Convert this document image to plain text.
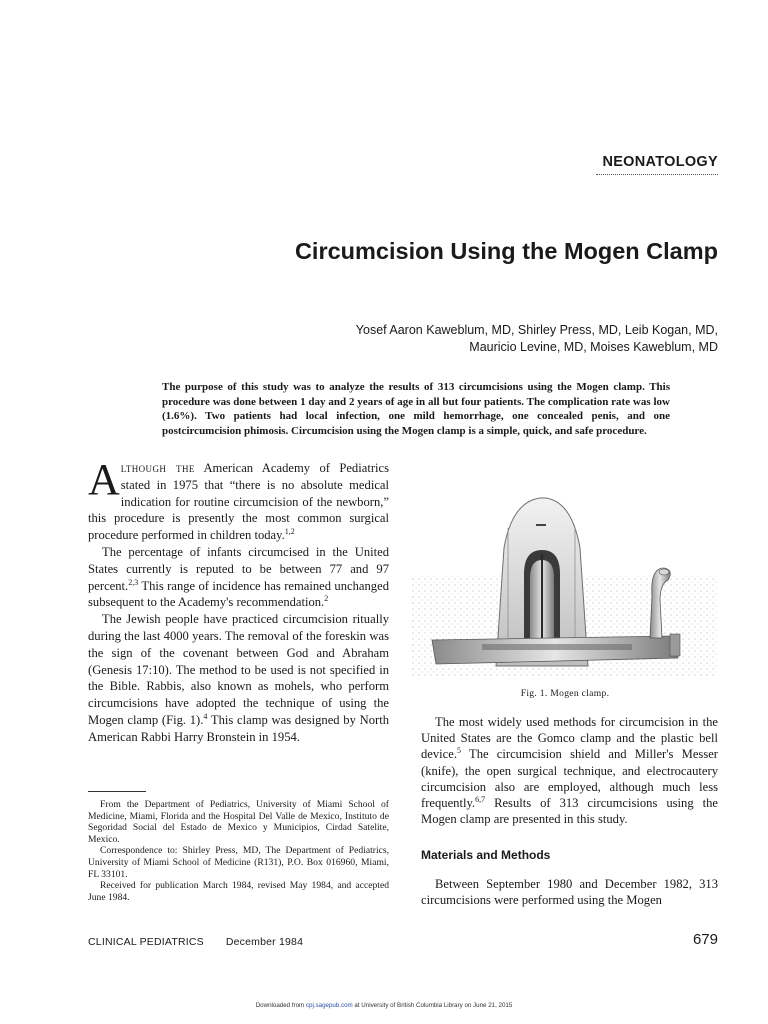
NEONATOLOGY
Circumcision Using the Mogen Clamp
Yosef Aaron Kaweblum, MD, Shirley Press, MD, Leib Kogan, MD,
Mauricio Levine, MD, Moises Kaweblum, MD

The purpose of this study was to analyze the results of 313 circumcisions using the Mogen clamp. This procedure was done between 1 day and 2 years of age in all but four patients. The complication rate was low (1.6%). Two patients had local infection, one mild hemorrhage, one concealed penis, and one postcircumcision phimosis. Circumcision using the Mogen clamp is a simple, quick, and safe procedure.

Although the American Academy of Pediatrics stated in 1975 that “there is no absolute medical indication for routine circumcision of the newborn,” this procedure is presently the most common surgical procedure performed in children today.$^{1,2}$

The percentage of infants circumcised in the United States currently is reputed to be between 77 and 97 percent.$^{2,3}$ This range of incidence has remained unchanged subsequent to the Academy's recommendation.$^2$

The Jewish people have practiced circumcision ritually during the last 4000 years. The removal of the foreskin was the sign of the covenant between God and Abraham (Genesis 17:10). The method to be used is not specified in the Bible. Rabbis, also known as mohels, who perform circumcisions have adopted the technique of using the Mogen clamp (Fig. 1).$^4$ This clamp was designed by North American Rabbi Harry Bronstein in 1954.

From the Department of Pediatrics, University of Miami School of Medicine, Miami, Florida and the Hospital Del Valle de Mexico, Instituto de Segoridad Social del Estado de Mexico y Municipios, Cirdad Satelite, Mexico.

Correspondence to: Shirley Press, MD, The Department of Pediatrics, University of Miami School of Medicine (R131), P.O. Box 016960, Miami, FL 33101.

Received for publication March 1984, revised May 1984, and accepted June 1984.

Fig. 1. Mogen clamp.

The most widely used methods for circumcision in the United States are the Gomco clamp and the plastic bell device.$^5$ The circumcision shield and Miller's Messer (knife), the open surgical technique, and electrocautery circumcision also are employed, although much less frequently.$^{6,7}$ Results of 313 circumcisions using the Mogen clamp are presented in this study.

Materials and Methods

Between September 1980 and December 1982, 313 circumcisions were performed using the Mogen

CLINICAL PEDIATRICS December 1984	679
Downloaded from cpj.sagepub.com at University of British Columbia Library on June 21, 2015
